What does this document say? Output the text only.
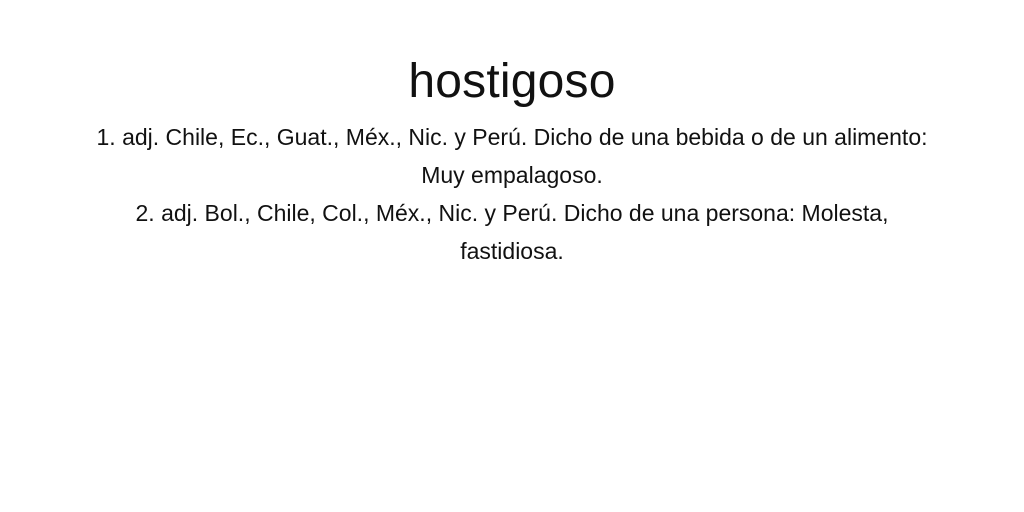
hostigoso
1. adj. Chile, Ec., Guat., Méx., Nic. y Perú. Dicho de una bebida o de un alimento: Muy empalagoso.
2. adj. Bol., Chile, Col., Méx., Nic. y Perú. Dicho de una persona: Molesta, fastidiosa.
